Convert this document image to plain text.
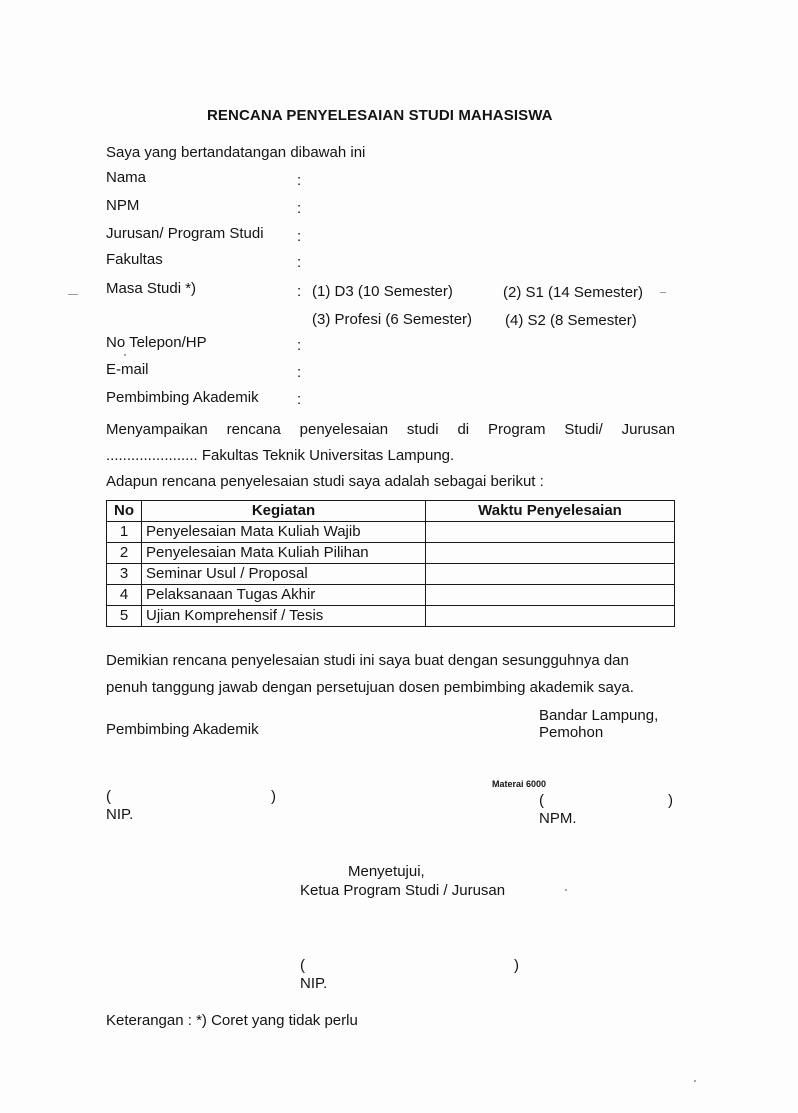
RENCANA PENYELESAIAN STUDI MAHASISWA
Saya yang bertandatangan dibawah ini
Nama	:
NPM	:
Jurusan/ Program Studi :
Fakultas	:
Masa Studi *)	: (1) D3 (10 Semester)	(2) S1 (14 Semester)
(3) Profesi (6 Semester) (4) S2 (8 Semester)
No Telepon/HP	:
E-mail	:
Pembimbing Akademik	:
Menyampaikan rencana penyelesaian studi di Program Studi/ Jurusan
...................... Fakultas Teknik Universitas Lampung.
Adapun rencana penyelesaian studi saya adalah sebagai berikut :
No	Kegiatan	Waktu Penyelesaian
1	Penyelesaian Mata Kuliah Wajib	
2	Penyelesaian Mata Kuliah Pilihan	
3	Seminar Usul / Proposal	
4	Pelaksanaan Tugas Akhir	
5	Ujian Komprehensif / Tesis	
Demikian rencana penyelesaian studi ini saya buat dengan sesungguhnya dan
penuh tanggung jawab dengan persetujuan dosen pembimbing akademik saya.
Bandar Lampung,
Pembimbing Akademik	Pemohon
Materai 6000
(	)
NIP.
(	)
NPM.
Menyetujui,
Ketua Program Studi / Jurusan
(	)
NIP.
Keterangan : *) Coret yang tidak perlu
